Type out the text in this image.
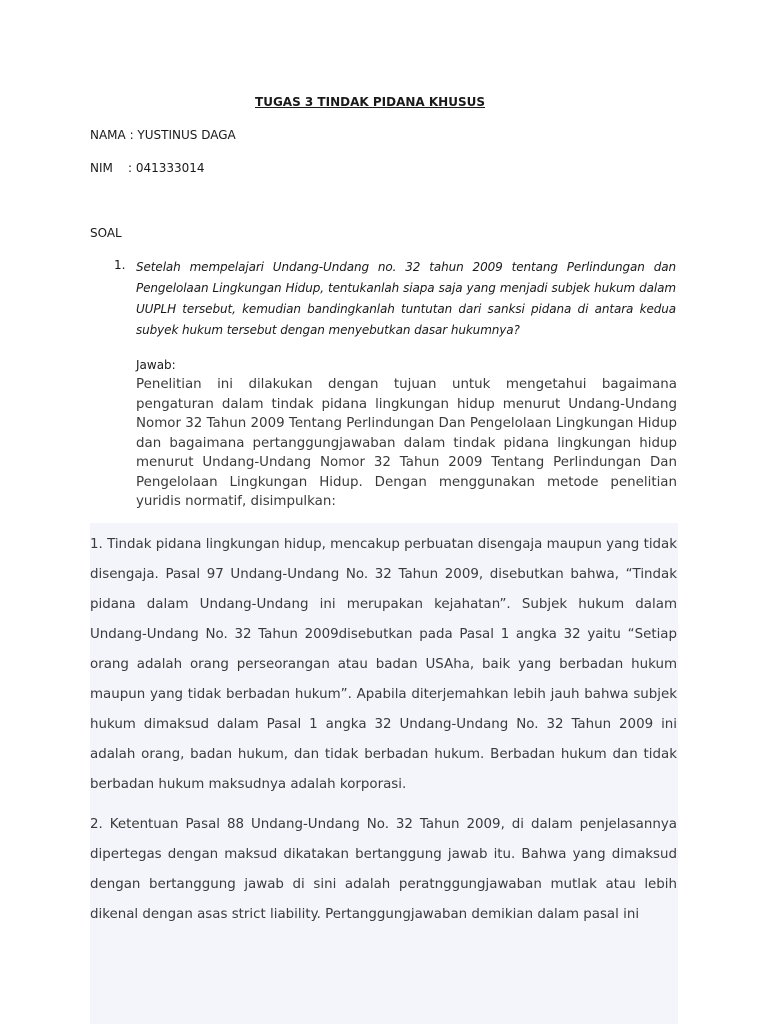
TUGAS 3 TINDAK PIDANA KHUSUS
NAMA : YUSTINUS DAGA
NIM : 041333014
SOAL
1. Setelah mempelajari Undang-Undang no. 32 tahun 2009 tentang Perlindungan dan Pengelolaan Lingkungan Hidup, tentukanlah siapa saja yang menjadi subjek hukum dalam UUPLH tersebut, kemudian bandingkanlah tuntutan dari sanksi pidana di antara kedua subyek hukum tersebut dengan menyebutkan dasar hukumnya?
Jawab:
Penelitian ini dilakukan dengan tujuan untuk mengetahui bagaimana pengaturan dalam tindak pidana lingkungan hidup menurut Undang-Undang Nomor 32 Tahun 2009 Tentang Perlindungan Dan Pengelolaan Lingkungan Hidup dan bagaimana pertanggungjawaban dalam tindak pidana lingkungan hidup menurut Undang-Undang Nomor 32 Tahun 2009 Tentang Perlindungan Dan Pengelolaan Lingkungan Hidup. Dengan menggunakan metode penelitian yuridis normatif, disimpulkan:
1. Tindak pidana lingkungan hidup, mencakup perbuatan disengaja maupun yang tidak disengaja. Pasal 97 Undang-Undang No. 32 Tahun 2009, disebutkan bahwa, “Tindak pidana dalam Undang-Undang ini merupakan kejahatan”. Subjek hukum dalam Undang-Undang No. 32 Tahun 2009disebutkan pada Pasal 1 angka 32 yaitu “Setiap orang adalah orang perseorangan atau badan USAha, baik yang berbadan hukum maupun yang tidak berbadan hukum”. Apabila diterjemahkan lebih jauh bahwa subjek hukum dimaksud dalam Pasal 1 angka 32 Undang-Undang No. 32 Tahun 2009 ini adalah orang, badan hukum, dan tidak berbadan hukum. Berbadan hukum dan tidak berbadan hukum maksudnya adalah korporasi.
2. Ketentuan Pasal 88 Undang-Undang No. 32 Tahun 2009, di dalam penjelasannya dipertegas dengan maksud dikatakan bertanggung jawab itu. Bahwa yang dimaksud dengan bertanggung jawab di sini adalah peratnggungjawaban mutlak atau lebih dikenal dengan asas strict liability. Pertanggungjawaban demikian dalam pasal ini
